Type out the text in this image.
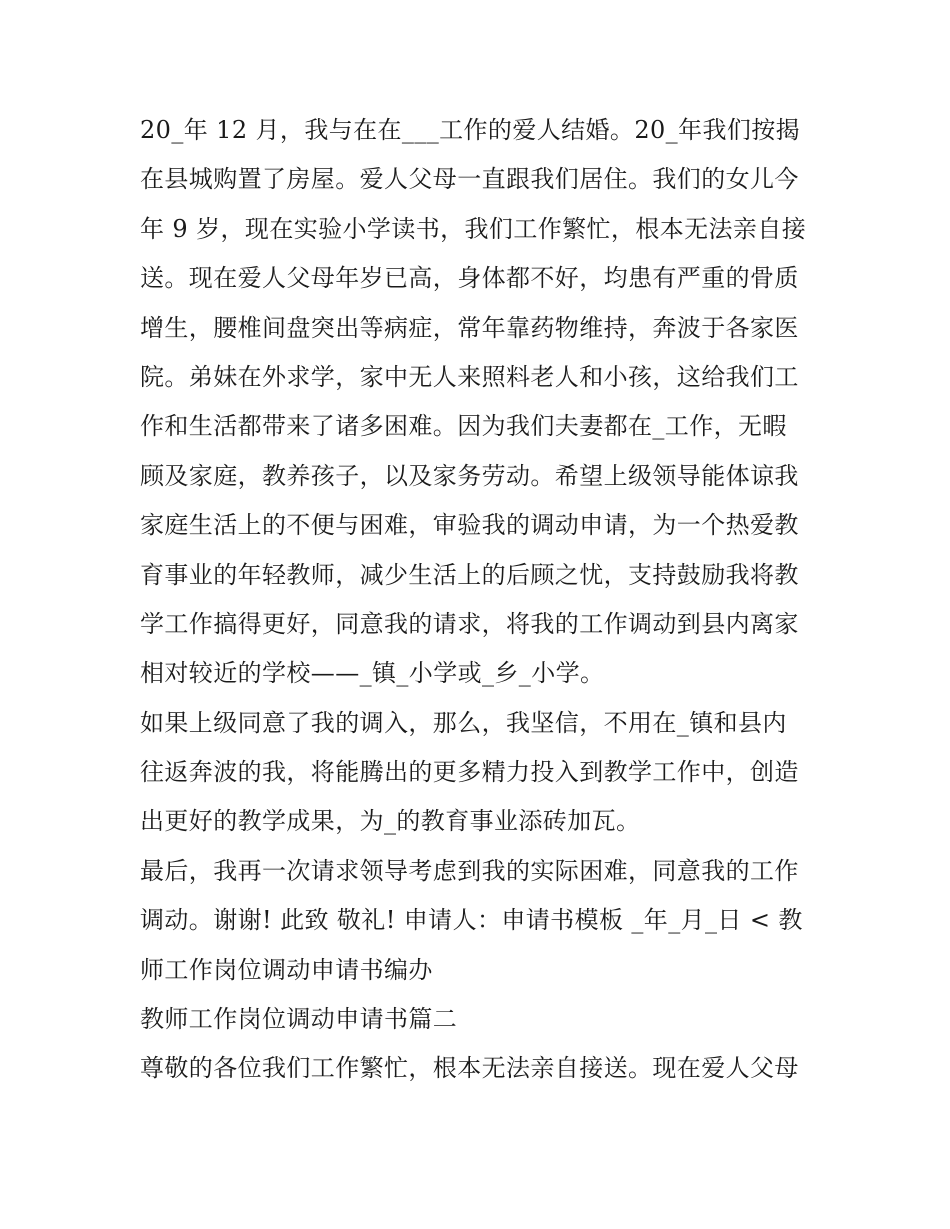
20_年 12 月，我与在在___工作的爱人结婚。20_年我们按揭
在县城购置了房屋。爱人父母一直跟我们居住。我们的女儿今
年 9 岁，现在实验小学读书，我们工作繁忙，根本无法亲自接
送。现在爱人父母年岁已高，身体都不好，均患有严重的骨质
增生，腰椎间盘突出等病症，常年靠药物维持，奔波于各家医
院。弟妹在外求学，家中无人来照料老人和小孩，这给我们工
作和生活都带来了诸多困难。因为我们夫妻都在_工作，无暇
顾及家庭，教养孩子，以及家务劳动。希望上级领导能体谅我
家庭生活上的不便与困难，审验我的调动申请，为一个热爱教
育事业的年轻教师，减少生活上的后顾之忧，支持鼓励我将教
学工作搞得更好，同意我的请求，将我的工作调动到县内离家
相对较近的学校——_镇_小学或_乡_小学。
如果上级同意了我的调入，那么，我坚信，不用在_镇和县内
往返奔波的我，将能腾出的更多精力投入到教学工作中，创造
出更好的教学成果，为_的教育事业添砖加瓦。
最后，我再一次请求领导考虑到我的实际困难，同意我的工作
调动。谢谢! 此致 敬礼! 申请人：申请书模板 _年_月_日 < 教
师工作岗位调动申请书编办
教师工作岗位调动申请书篇二
尊敬的各位我们工作繁忙，根本无法亲自接送。现在爱人父母
